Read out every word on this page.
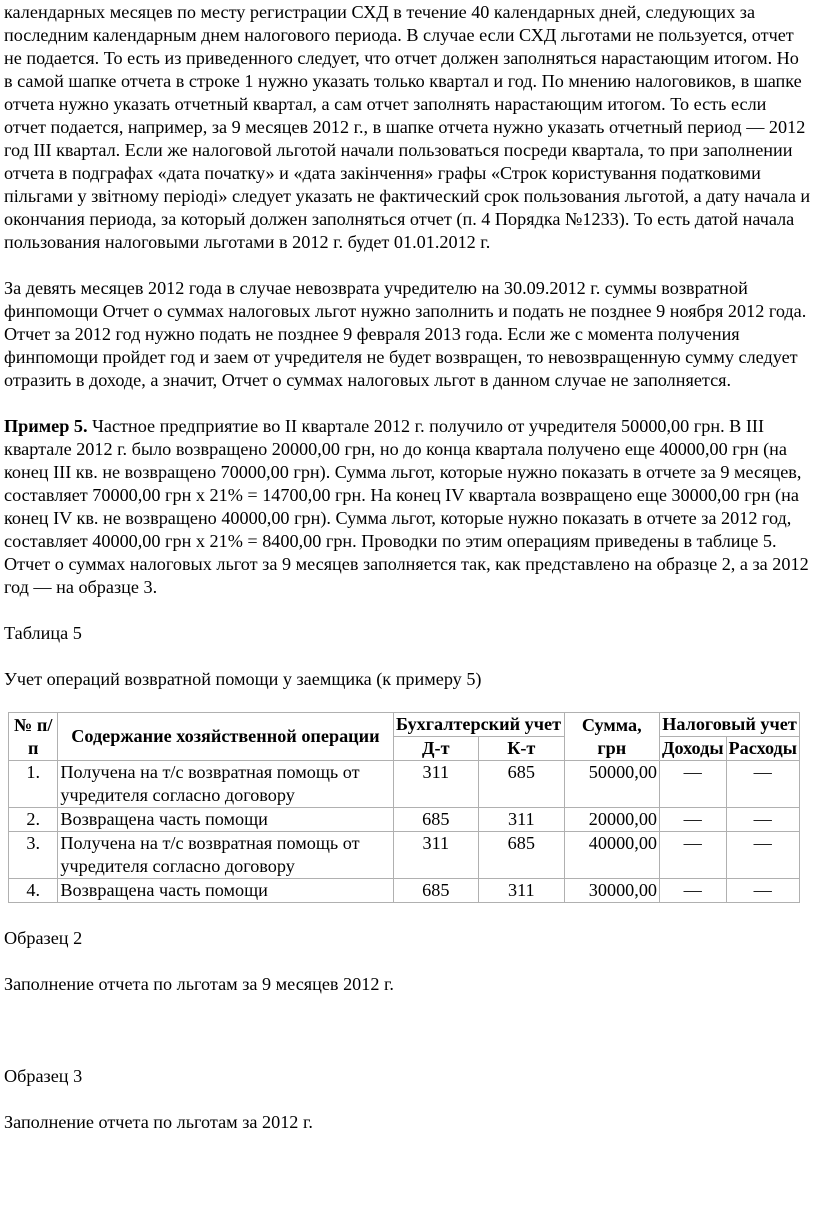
календарных месяцев по месту регистрации СХД в течение 40 календарных дней, следующих за последним календарным днем налогового периода. В случае если СХД льготами не пользуется, отчет не подается. То есть из приведенного следует, что отчет должен заполняться нарастающим итогом. Но в самой шапке отчета в строке 1 нужно указать только квартал и год. По мнению налоговиков, в шапке отчета нужно указать отчетный квартал, а сам отчет заполнять нарастающим итогом. То есть если отчет подается, например, за 9 месяцев 2012 г., в шапке отчета нужно указать отчетный период — 2012 год III квартал. Если же налоговой льготой начали пользоваться посреди квартала, то при заполнении отчета в подграфах «дата початку» и «дата закінчення» графы «Строк користування податковими пільгами у звітному періоді» следует указать не фактический срок пользования льготой, а дату начала и окончания периода, за который должен заполняться отчет (п. 4 Порядка №1233). То есть датой начала пользования налоговыми льготами в 2012 г. будет 01.01.2012 г.

За девять месяцев 2012 года в случае невозврата учредителю на 30.09.2012 г. суммы возвратной финпомощи Отчет о суммах налоговых льгот нужно заполнить и подать не позднее 9 ноября 2012 года. Отчет за 2012 год нужно подать не позднее 9 февраля 2013 года. Если же с момента получения финпомощи пройдет год и заем от учредителя не будет возвращен, то невозвращенную сумму следует отразить в доходе, а значит, Отчет о суммах налоговых льгот в данном случае не заполняется.

Пример 5. Частное предприятие во II квартале 2012 г. получило от учредителя 50000,00 грн. В III квартале 2012 г. было возвращено 20000,00 грн, но до конца квартала получено еще 40000,00 грн (на конец III кв. не возвращено 70000,00 грн). Сумма льгот, которые нужно показать в отчете за 9 месяцев, составляет 70000,00 грн х 21% = 14700,00 грн. На конец IV квартала возвращено еще 30000,00 грн (на конец IV кв. не возвращено 40000,00 грн). Сумма льгот, которые нужно показать в отчете за 2012 год, составляет 40000,00 грн х 21% = 8400,00 грн. Проводки по этим операциям приведены в таблице 5. Отчет о суммах налоговых льгот за 9 месяцев заполняется так, как представлено на образце 2, а за 2012 год — на образце 3.

Таблица 5

Учет операций возвратной помощи у заемщика (к примеру 5)

№ п/п	Содержание хозяйственной операции	Бухгалтерский учет		Сумма, грн	Налоговый учет	
		Д-т	К-т		Доходы	Расходы
1.	Получена на т/с возвратная помощь от учредителя согласно договору	311	685	50000,00	—	—
2.	Возвращена часть помощи	685	311	20000,00	—	—
3.	Получена на т/с возвратная помощь от учредителя согласно договору	311	685	40000,00	—	—
4.	Возвращена часть помощи	685	311	30000,00	—	—

Образец 2

Заполнение отчета по льготам за 9 месяцев 2012 г.

Образец 3

Заполнение отчета по льготам за 2012 г.
